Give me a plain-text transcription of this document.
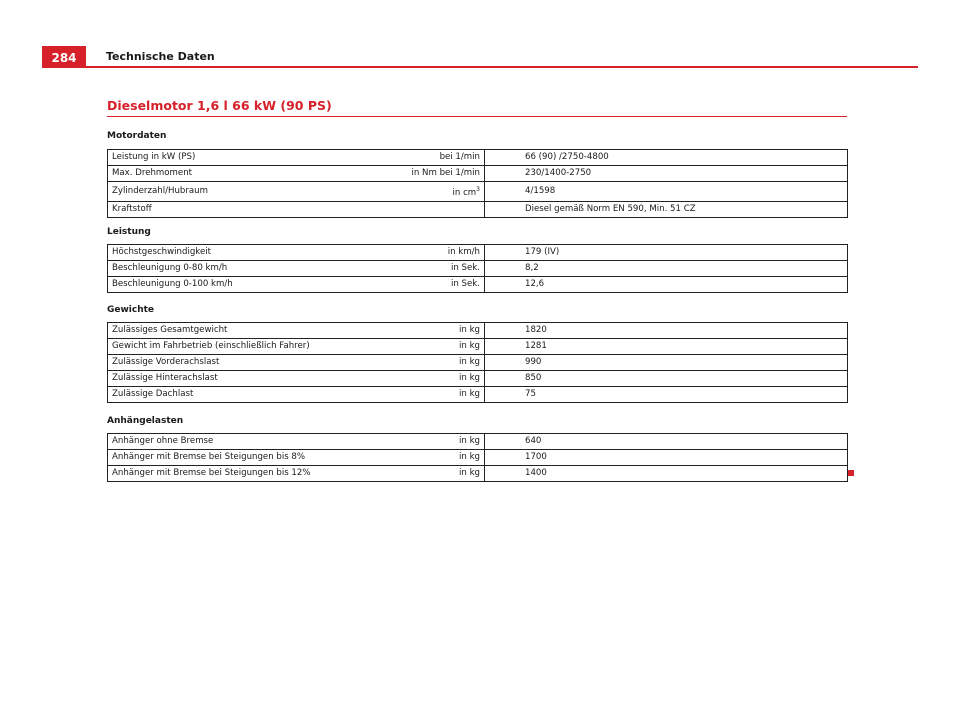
284	Technische Daten
Dieselmotor 1,6 l 66 kW (90 PS)
Motordaten
Leistung in kW (PS)	bei 1/min	66 (90) /2750-4800
Max. Drehmoment	in Nm bei 1/min	230/1400-2750
Zylinderzahl/Hubraum	in $cm^3$	4/1598
Kraftstoff		Diesel gemäß Norm EN 590, Min. 51 CZ
Leistung
Höchstgeschwindigkeit	in km/h	179 (IV)
Beschleunigung 0-80 km/h	in Sek.	8,2
Beschleunigung 0-100 km/h	in Sek.	12,6
Gewichte
Zulässiges Gesamtgewicht	in kg	1820
Gewicht im Fahrbetrieb (einschließlich Fahrer)	in kg	1281
Zulässige Vorderachslast	in kg	990
Zulässige Hinterachslast	in kg	850
Zulässige Dachlast	in kg	75
Anhängelasten
Anhänger ohne Bremse	in kg	640
Anhänger mit Bremse bei Steigungen bis 8%	in kg	1700
Anhänger mit Bremse bei Steigungen bis 12%	in kg	1400
